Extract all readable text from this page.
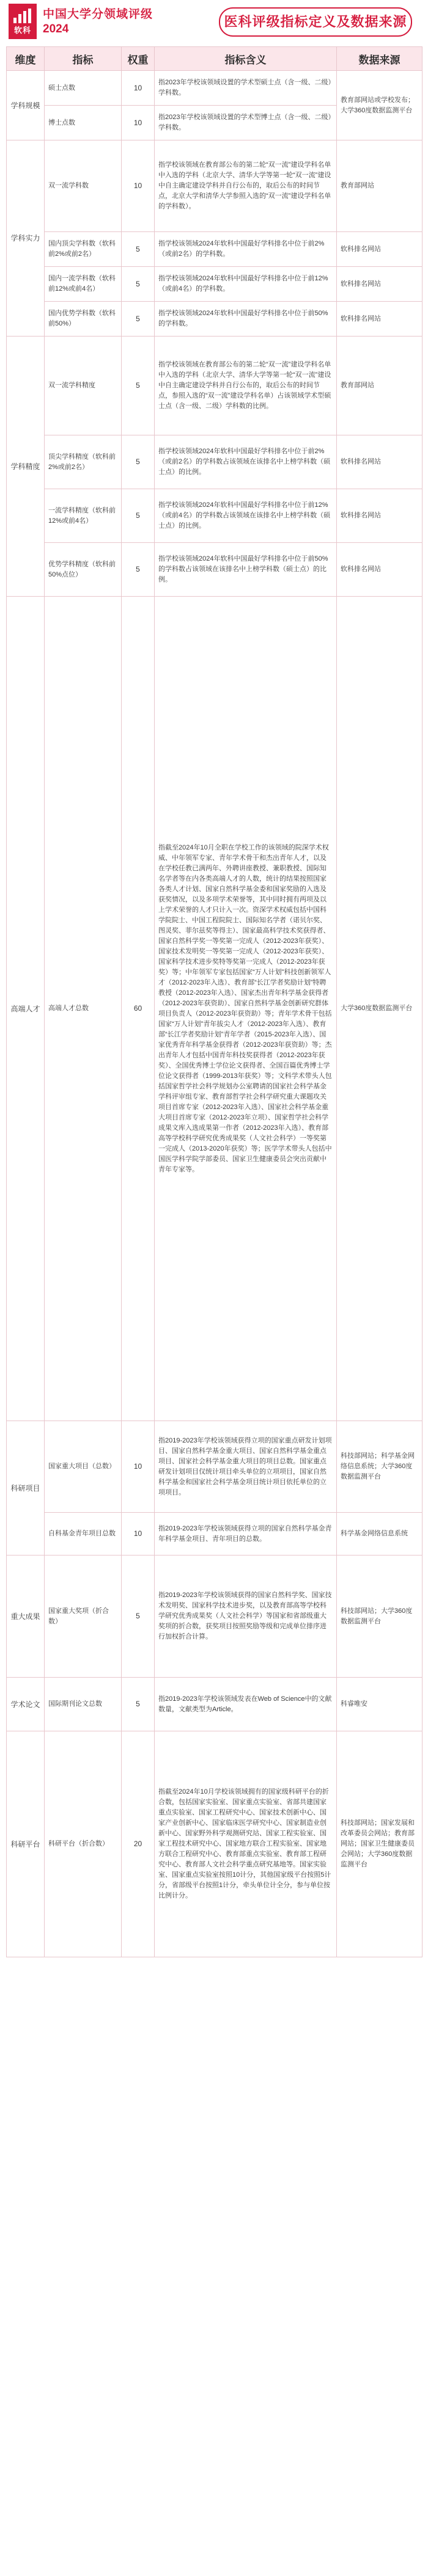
软科
中国大学分领域评级
2024	医科评级指标定义及数据来源
维度	指标	权重	指标含义	数据来源
学科规模	硕士点数	10	指2023年学校该领域设置的学术型硕士点（含一级、二级）学科数。	教育部网站或学校发布；大学360度数据监测平台
	博士点数	10	指2023年学校该领域设置的学术型博士点（含一级、二级）学科数。	
学科实力	双一流学科数	10	指学校该领域在教育部公布的第二轮“双一流”建设学科名单中入选的学科（北京大学、清华大学等第一轮“双一流”建设中自主确定建设学科并自行公布的，取后公布的时间节点，北京大学和清华大学参照入选的“双一流”建设学科名单的学科数）。	教育部网站
	国内顶尖学科数（软科前2%或前2名）	5	指学校该领域2024年软科中国最好学科排名中位于前2%（或前2名）的学科数。	软科排名网站
	国内一流学科数（软科前12%或前4名）	5	指学校该领域2024年软科中国最好学科排名中位于前12%（或前4名）的学科数。	软科排名网站
	国内优势学科数（软科前50%）	5	指学校该领域2024年软科中国最好学科排名中位于前50%的学科数。	软科排名网站
学科精度	双一流学科精度	5	指学校该领域在教育部公布的第二轮“双一流”建设学科名单中入选的学科（北京大学、清华大学等第一轮“双一流”建设中自主确定建设学科并自行公布的，取后公布的时间节点，参照入选的“双一流”建设学科名单）占该领域学术型硕士点（含一级、二级）学科数的比例。	教育部网站
	顶尖学科精度（软科前2%或前2名）	5	指学校该领域2024年软科中国最好学科排名中位于前2%（或前2名）的学科数占该领域在该排名中上榜学科数（硕士点）的比例。	软科排名网站
	一流学科精度（软科前12%或前4名）	5	指学校该领域2024年软科中国最好学科排名中位于前12%（或前4名）的学科数占该领域在该排名中上榜学科数（硕士点）的比例。	软科排名网站
	优势学科精度（软科前50%点位）	5	指学校该领域2024年软科中国最好学科排名中位于前50%的学科数占该领域在该排名中上榜学科数（硕士点）的比例。	软科排名网站
高端人才	高端人才总数	60	指截至2024年10月全职在学校工作的该领域的院深学术权威、中年领军专家、青年学术骨干和杰出青年人才，以及在学校任教已满两年、外聘讲座教授、兼职教授、国际知名学者等在内各类高端人才的人数，统计的结果按照国家各类人才计划、国家自然科学基金委和国家奖励的入选及获奖情况，以及多项学术荣誉等，其中同时拥有两项及以上学术荣誉的人才只计入一次。资深学术权威包括中国科学院院士、中国工程院院士、国际知名学者（诺贝尔奖、图灵奖、菲尔兹奖等得主）、国家最高科学技术奖获得者、国家自然科学奖一等奖第一完成人（2012-2023年获奖）、国家技术发明奖一等奖第一完成人（2012-2023年获奖）、国家科学技术进步奖特等奖第一完成人（2012-2023年获奖）等；中年领军专家包括国家“万人计划”科技创新领军人才（2012-2023年入选）、教育部“长江学者奖励计划”特聘教授（2012-2023年入选）、国家杰出青年科学基金获得者（2012-2023年获资助）、国家自然科学基金创新研究群体项目负责人（2012-2023年获资助）等；青年学术骨干包括国家“万人计划”青年拔尖人才（2012-2023年入选）、教育部“长江学者奖励计划”青年学者（2015-2023年入选）、国家优秀青年科学基金获得者（2012-2023年获资助）等；杰出青年人才包括中国青年科技奖获得者（2012-2023年获奖）、全国优秀博士学位论文获得者、全国百篇优秀博士学位论文获得者（1999-2013年获奖）等；文科学术带头人包括国家哲学社会科学规划办公室聘请的国家社会科学基金学科评审组专家、教育部哲学社会科学研究重大课题攻关项目首席专家（2012-2023年入选）、国家社会科学基金重大项目首席专家（2012-2023年立项）、国家哲学社会科学成果文库入选成果第一作者（2012-2023年入选）、教育部高等学校科学研究优秀成果奖（人文社会科学）一等奖第一完成人（2013-2020年获奖）等；医学学术带头人包括中国医学科学院学部委员、国家卫生健康委员会突出贡献中青年专家等。	大学360度数据监测平台
科研项目	国家重大项目（总数）	10	指2019-2023年学校该领域获得立项的国家重点研发计划项目、国家自然科学基金重大项目、国家自然科学基金重点项目、国家社会科学基金重大项目的项目总数。国家重点研发计划项目仅统计项目牵头单位的立项项目，国家自然科学基金和国家社会科学基金项目统计项目依托单位的立项项目。	科技部网站；科学基金网络信息系统；大学360度数据监测平台
	自科基金青年项目总数	10	指2019-2023年学校该领域获得立项的国家自然科学基金青年科学基金项目、青年项目的总数。	科学基金网络信息系统
重大成果	国家重大奖项（折合数）	5	指2019-2023年学校该领域获得的国家自然科学奖、国家技术发明奖、国家科学技术进步奖，以及教育部高等学校科学研究优秀成果奖（人文社会科学）等国家和省部级重大奖项的折合数，获奖项目按照奖励等级和完成单位排序进行加权折合计算。	科技部网站；大学360度数据监测平台
学术论文	国际期刊论文总数	5	指2019-2023年学校该领域发表在Web of Science中的文献数量，文献类型为Article。	科睿唯安
科研平台	科研平台（折合数）	20	指截至2024年10月学校该领域拥有的国家级科研平台的折合数，包括国家实验室、国家重点实验室、省部共建国家重点实验室、国家工程研究中心、国家技术创新中心、国家产业创新中心、国家临床医学研究中心、国家制造业创新中心、国家野外科学观测研究站、国家工程实验室、国家工程技术研究中心、国家地方联合工程实验室、国家地方联合工程研究中心、教育部重点实验室、教育部工程研究中心、教育部人文社会科学重点研究基地等。国家实验室、国家重点实验室按照10计分，其他国家级平台按照5计分，省部级平台按照1计分，牵头单位计全分，参与单位按比例计分。	科技部网站；国家发展和改革委员会网站；教育部网站；国家卫生健康委员会网站；大学360度数据监测平台
